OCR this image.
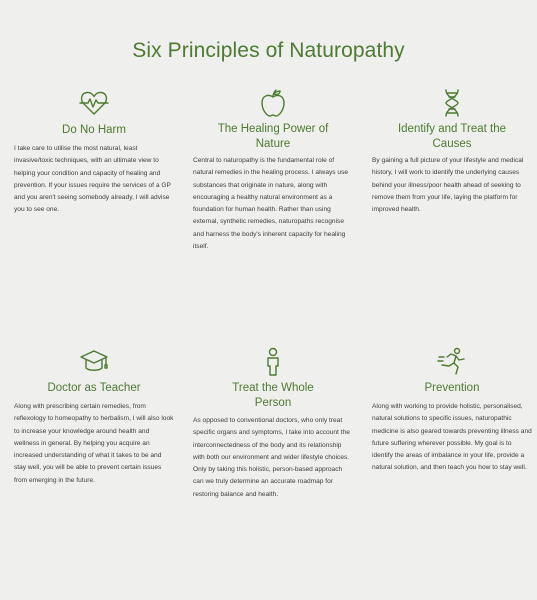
Six Principles of Naturopathy
Do No Harm
I take care to utilise the most natural, least invasive/toxic techniques, with an ultimate view to helping your condition and capacity of healing and prevention. If your issues require the services of a GP and you aren't seeing somebody already, I will advise you to see one.
The Healing Power of Nature
Central to naturopathy is the fundamental role of natural remedies in the healing process. I always use substances that originate in nature, along with encouraging a healthy natural environment as a foundation for human health. Rather than using external, synthetic remedies, naturopaths recognise and harness the body's inherent capacity for healing itself.
Identify and Treat the Causes
By gaining a full picture of your lifestyle and medical history, I will work to identify the underlying causes behind your illness/poor health ahead of seeking to remove them from your life, laying the platform for improved health.
Doctor as Teacher
Along with prescribing certain remedies, from reflexology to homeopathy to herbalism, I will also look to increase your knowledge around health and wellness in general. By helping you acquire an increased understanding of what it takes to be and stay well, you will be able to prevent certain issues from emerging in the future.
Treat the Whole Person
As opposed to conventional doctors, who only treat specific organs and symptoms, I take into account the interconnectedness of the body and its relationship with both our environment and wider lifestyle choices. Only by taking this holistic, person-based approach can we truly determine an accurate roadmap for restoring balance and health.
Prevention
Along with working to provide holistic, personalised, natural solutions to specific issues, naturopathic medicine is also geared towards preventing illness and future suffering wherever possible. My goal is to identify the areas of imbalance in your life, provide a natural solution, and then teach you how to stay well.
